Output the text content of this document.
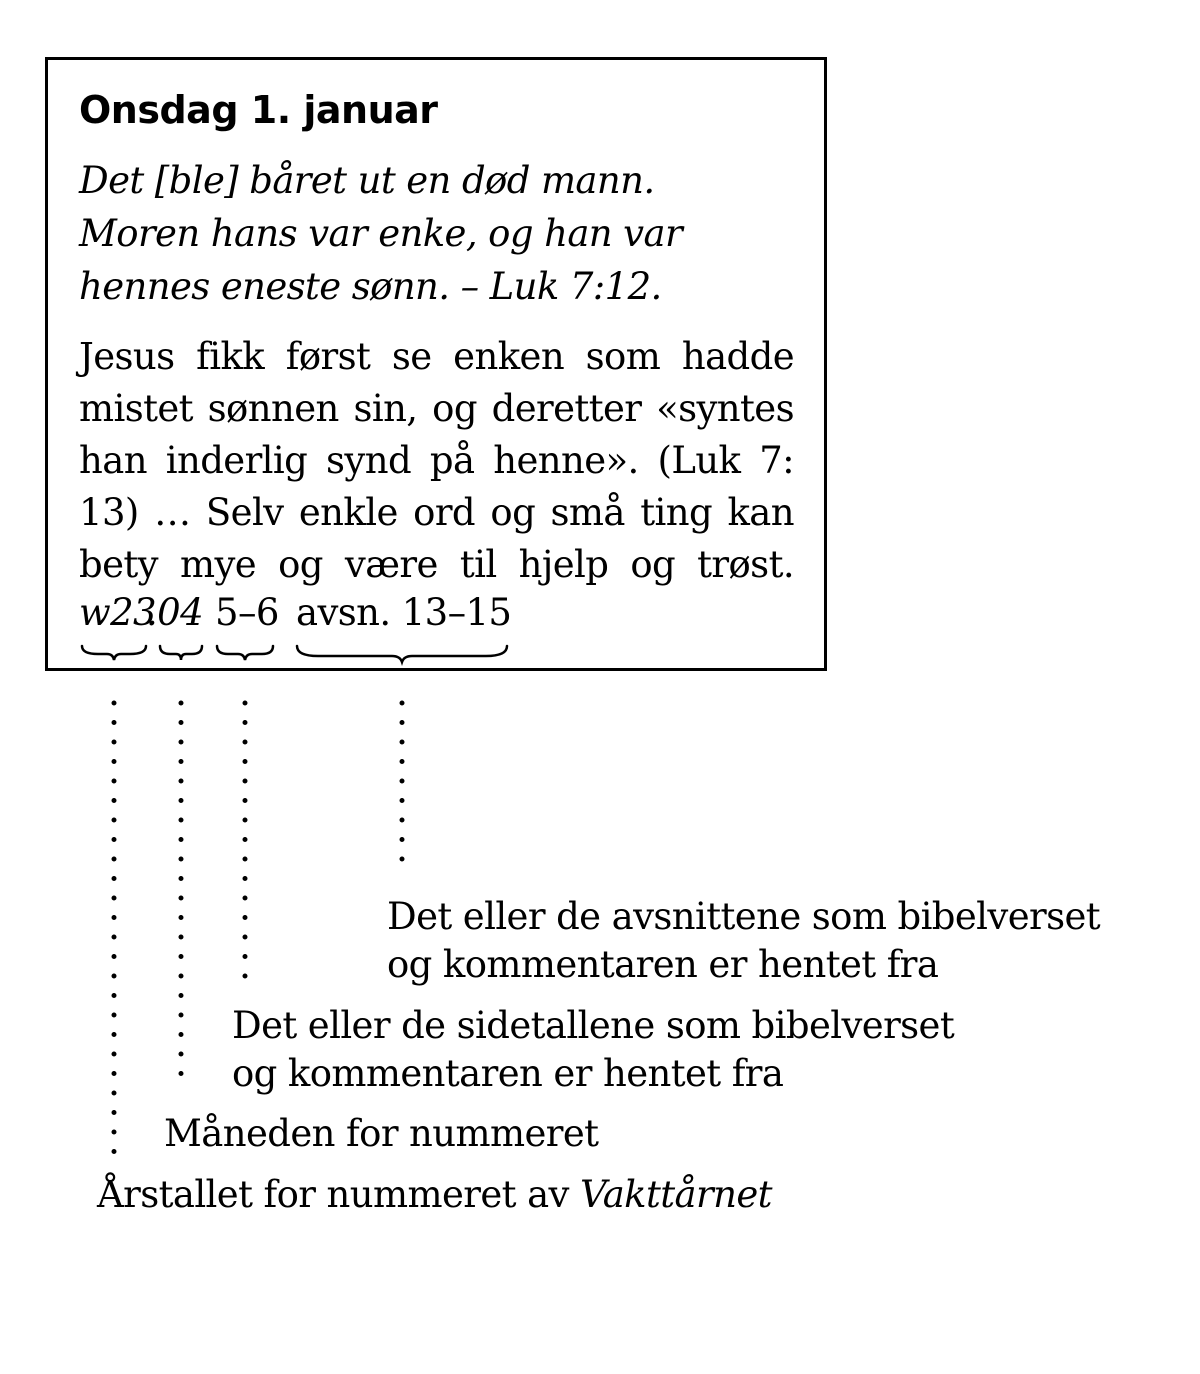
Onsdag 1. januar
Det [ble] båret ut en død mann.
Moren hans var enke, og han var
hennes eneste sønn. – Luk 7:12.
Jesus fikk først se enken som hadde
mistet sønnen sin, og deretter «syntes
han inderlig synd på henne». (Luk 7:
13) … Selv enkle ord og små ting kan
bety mye og være til hjelp og trøst.
w23
.04 5–6 avsn. 13–15
Det eller de avsnittene som bibelverset
og kommentaren er hentet fra
Det eller de sidetallene som bibelverset
og kommentaren er hentet fra
Måneden for nummeret
Årstallet for nummeret av Vakttårnet
